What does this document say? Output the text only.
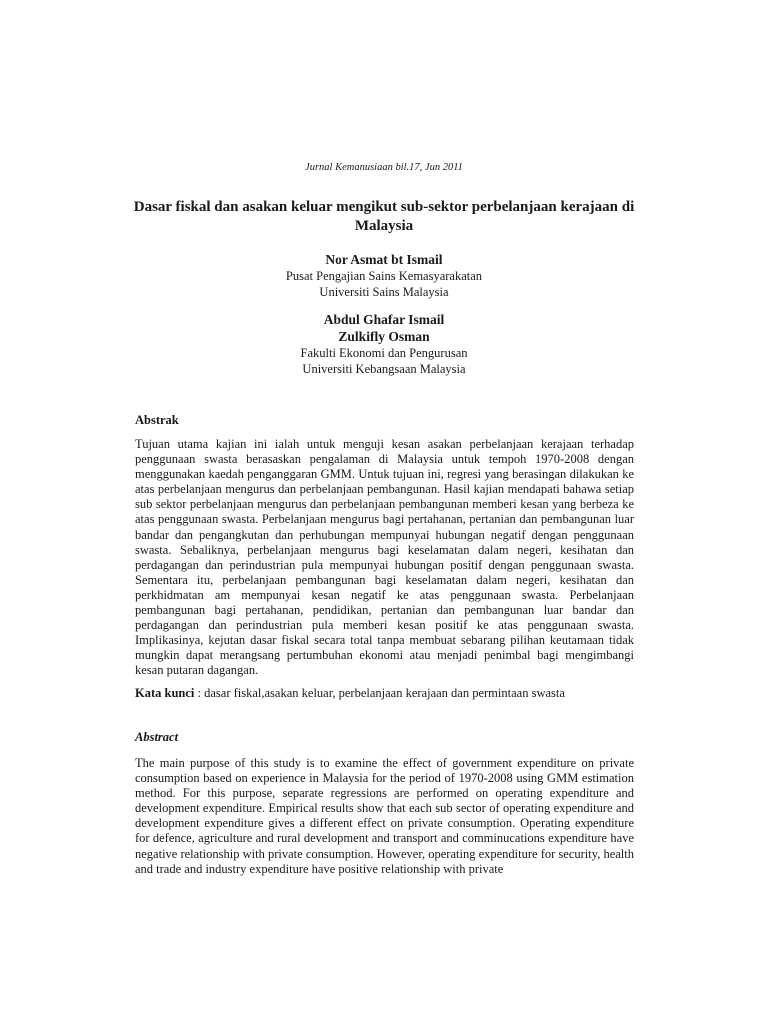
Jurnal Kemanusiaan bil.17, Jun 2011
Dasar fiskal dan asakan keluar mengikut sub-sektor perbelanjaan kerajaan di Malaysia
Nor Asmat bt Ismail
Pusat Pengajian Sains Kemasyarakatan
Universiti Sains Malaysia
Abdul Ghafar Ismail
Zulkifly Osman
Fakulti Ekonomi dan Pengurusan
Universiti Kebangsaan Malaysia
Abstrak

Tujuan utama kajian ini ialah untuk menguji kesan asakan perbelanjaan kerajaan terhadap penggunaan swasta berasaskan pengalaman di Malaysia untuk tempoh 1970-2008 dengan menggunakan kaedah penganggaran GMM. Untuk tujuan ini, regresi yang berasingan dilakukan ke atas perbelanjaan mengurus dan perbelanjaan pembangunan. Hasil kajian mendapati bahawa setiap sub sektor perbelanjaan mengurus dan perbelanjaan pembangunan memberi kesan yang berbeza ke atas penggunaan swasta. Perbelanjaan mengurus bagi pertahanan, pertanian dan pembangunan luar bandar dan pengangkutan dan perhubungan mempunyai hubungan negatif dengan penggunaan swasta. Sebaliknya, perbelanjaan mengurus bagi keselamatan dalam negeri, kesihatan dan perdagangan dan perindustrian pula mempunyai hubungan positif dengan penggunaan swasta. Sementara itu, perbelanjaan pembangunan bagi keselamatan dalam negeri, kesihatan dan perkhidmatan am mempunyai kesan negatif ke atas penggunaan swasta. Perbelanjaan pembangunan bagi pertahanan, pendidikan, pertanian dan pembangunan luar bandar dan perdagangan dan perindustrian pula memberi kesan positif ke atas penggunaan swasta. Implikasinya, kejutan dasar fiskal secara total tanpa membuat sebarang pilihan keutamaan tidak mungkin dapat merangsang pertumbuhan ekonomi atau menjadi penimbal bagi mengimbangi kesan putaran dagangan.

Kata kunci : dasar fiskal,asakan keluar, perbelanjaan kerajaan dan permintaan swasta
Abstract

The main purpose of this study is to examine the effect of government expenditure on private consumption based on experience in Malaysia for the period of 1970-2008 using GMM estimation method. For this purpose, separate regressions are performed on operating expenditure and development expenditure. Empirical results show that each sub sector of operating expenditure and development expenditure gives a different effect on private consumption. Operating expenditure for defence, agriculture and rural development and transport and comminucations expenditure have negative relationship with private consumption. However, operating expenditure for security, health and trade and industry expenditure have positive relationship with private
